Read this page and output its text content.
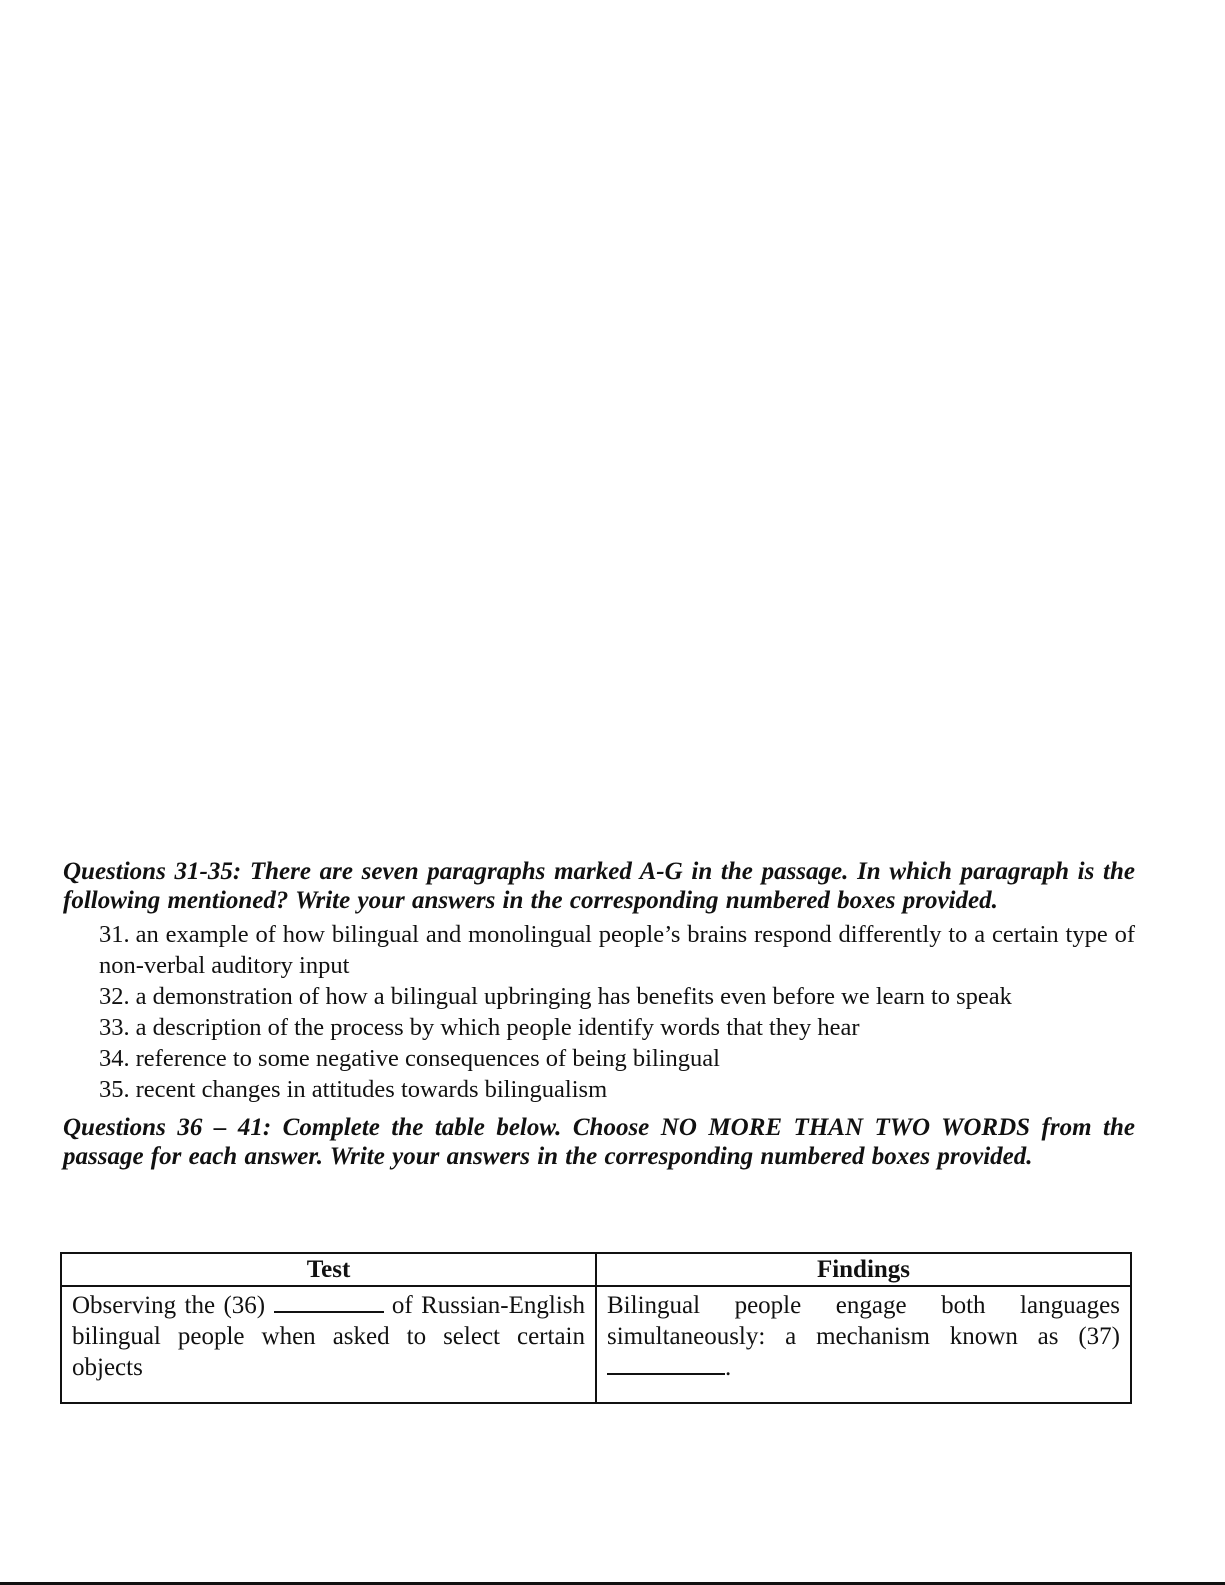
Questions 31-35: There are seven paragraphs marked A-G in the passage. In which paragraph is the following mentioned? Write your answers in the corresponding numbered boxes provided.

31. an example of how bilingual and monolingual people’s brains respond differently to a certain type of non-verbal auditory input
32. a demonstration of how a bilingual upbringing has benefits even before we learn to speak
33. a description of the process by which people identify words that they hear
34. reference to some negative consequences of being bilingual
35. recent changes in attitudes towards bilingualism

Questions 36 – 41: Complete the table below. Choose NO MORE THAN TWO WORDS from the passage for each answer. Write your answers in the corresponding numbered boxes provided.

Test	Findings
Observing the (36) of Russian-English bilingual people when asked to select certain objects	Bilingual people engage both languages simultaneously: a mechanism known as (37) .
